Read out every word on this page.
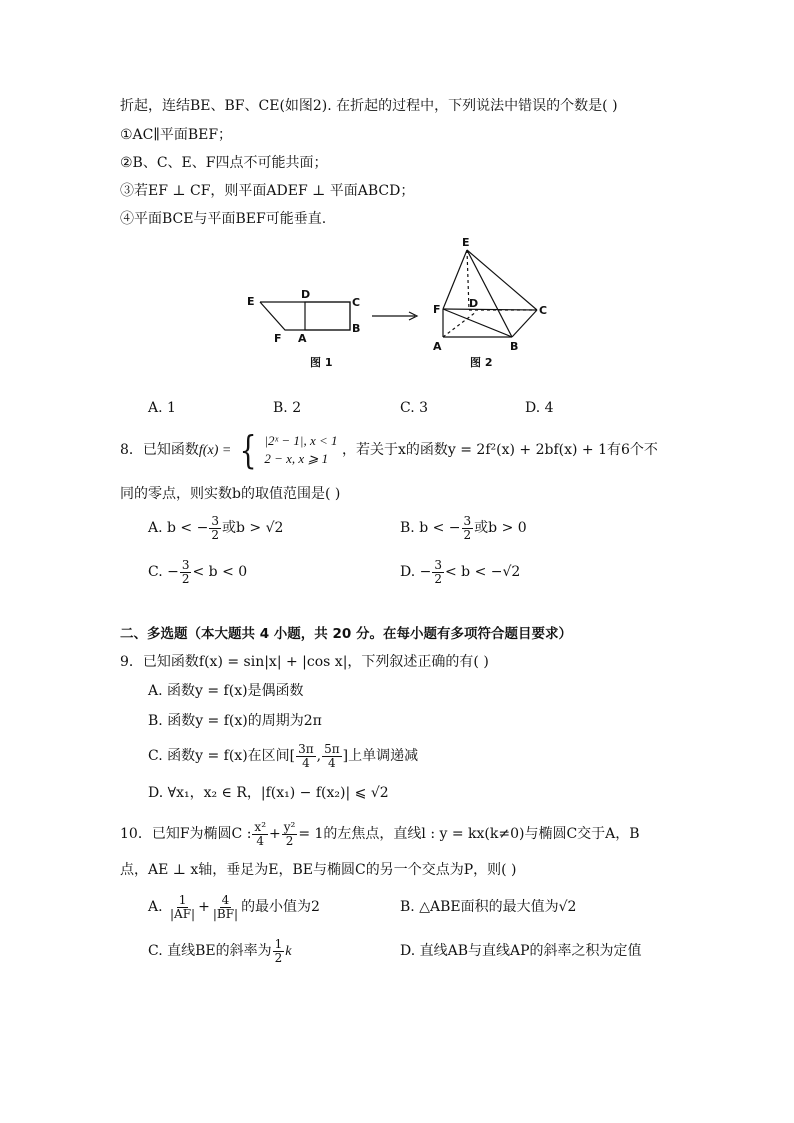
折起，连结BE、BF、CE(如图2). 在折起的过程中，下列说法中错误的个数是( )
①AC∥平面BEF；
②B、C、E、F四点不可能共面；
③若EF ⊥ CF，则平面ADEF ⊥ 平面ABCD；
④平面BCE与平面BEF可能垂直.
E
D
C
B
A
F
E
D
C
B
A
F
图 1	图 2
A. 1	B. 2	C. 3	D. 4
8．已知函数f(x) = { |2ˣ − 1|, x < 1
2 − x, x ⩾ 1
，若关于x的函数y = 2f²(x) + 2bf(x) + 1有6个不
同的零点，则实数b的取值范围是( )
A. b < − $\frac{3}{2}$ 或b > √2	B. b < − $\frac{3}{2}$ 或b > 0
C. − $\frac{3}{2} < b < 0$	D. − $\frac{3}{2} < b < -√2$
二、多选题（本大题共 4 小题，共 20 分。在每小题有多项符合题目要求）
9．已知函数f(x) = sin|x| + |cos x|，下列叙述正确的有( )
A. 函数y = f(x)是偶函数
B. 函数y = f(x)的周期为2π
C. 函数y = f(x)在区间[ $\frac{3\pi}{4}$ , $\frac{5\pi}{4}$ ]上单调递减
D. ∀x₁，x₂ ∈ R，|f(x₁) − f(x₂)| ⩽ √2
10．已知F为椭圆C : $\frac{\text{x²}}{4} + \frac{\text{y²}}{2} = 1$的左焦点，直线l : y = kx(k≠0)与椭圆C交于A，B
点，AE ⊥ x轴，垂足为E，BE与椭圆C的另一个交点为P，则( )
A. $\frac{1}{|AF|} + \frac{4}{|BF|}$ 的最小值为2	B. △ABE面积的最大值为√2
C. 直线BE的斜率为 $\frac{1}{2}$ k	D. 直线AB与直线AP的斜率之积为定值
